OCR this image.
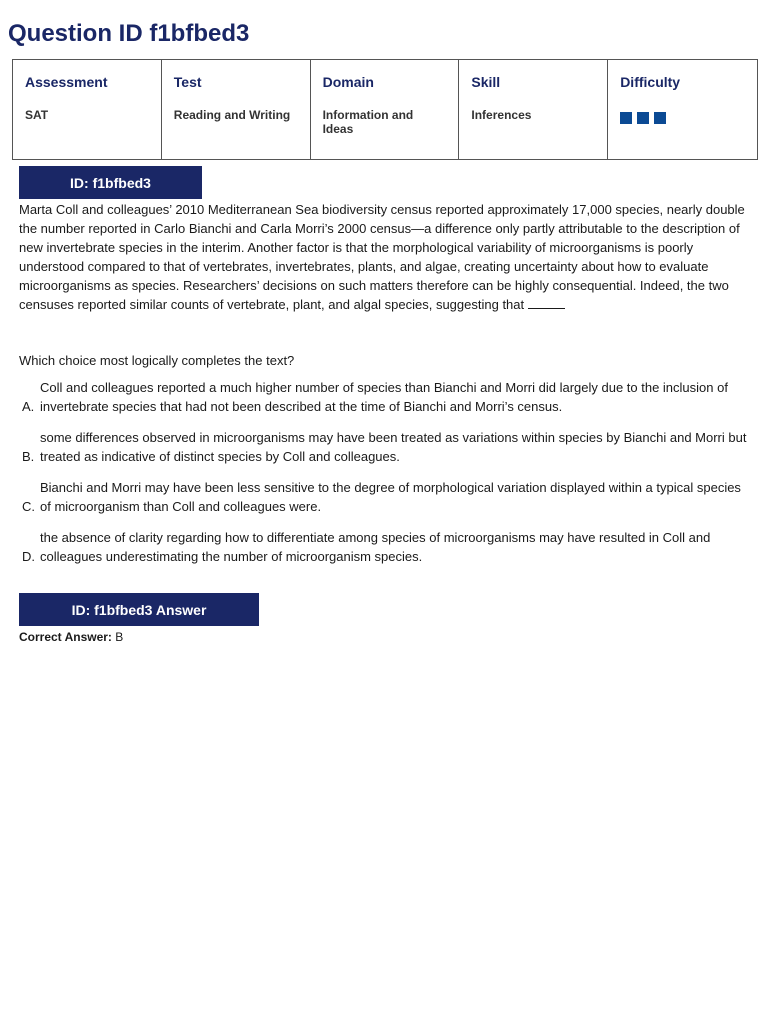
Question ID f1bfbed3
Assessment
SAT
Test
Reading and Writing
Domain
Information and Ideas
Skill
Inferences
Difficulty
ID: f1bfbed3

Marta Coll and colleagues’ 2010 Mediterranean Sea biodiversity census reported approximately 17,000 species, nearly double the number reported in Carlo Bianchi and Carla Morri’s 2000 census—a difference only partly attributable to the description of new invertebrate species in the interim. Another factor is that the morphological variability of microorganisms is poorly understood compared to that of vertebrates, invertebrates, plants, and algae, creating uncertainty about how to evaluate microorganisms as species. Researchers’ decisions on such matters therefore can be highly consequential. Indeed, the two censuses reported similar counts of vertebrate, plant, and algal species, suggesting that

Which choice most logically completes the text?

A.
Coll and colleagues reported a much higher number of species than Bianchi and Morri did largely due to the inclusion of invertebrate species that had not been described at the time of Bianchi and Morri’s census.
B.
some differences observed in microorganisms may have been treated as variations within species by Bianchi and Morri but treated as indicative of distinct species by Coll and colleagues.
C.
Bianchi and Morri may have been less sensitive to the degree of morphological variation displayed within a typical species of microorganism than Coll and colleagues were.
D.
the absence of clarity regarding how to differentiate among species of microorganisms may have resulted in Coll and colleagues underestimating the number of microorganism species.
ID: f1bfbed3 Answer

Correct Answer: B
